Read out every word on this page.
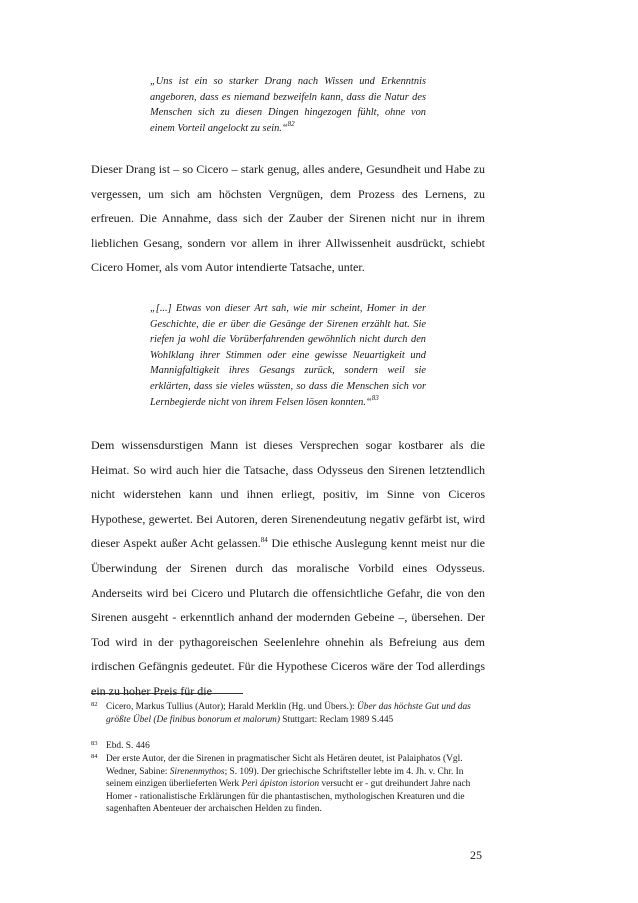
„Uns ist ein so starker Drang nach Wissen und Erkenntnis angeboren, dass es niemand bezweifeln kann, dass die Natur des Menschen sich zu diesen Dingen hingezogen fühlt, ohne von einem Vorteil angelockt zu sein.“$^{82}$

Dieser Drang ist – so Cicero – stark genug, alles andere, Gesundheit und Habe zu vergessen, um sich am höchsten Vergnügen, dem Prozess des Lernens, zu erfreuen. Die Annahme, dass sich der Zauber der Sirenen nicht nur in ihrem lieblichen Gesang, sondern vor allem in ihrer Allwissenheit ausdrückt, schiebt Cicero Homer, als vom Autor intendierte Tatsache, unter.

„[...] Etwas von dieser Art sah, wie mir scheint, Homer in der Geschichte, die er über die Gesänge der Sirenen erzählt hat. Sie riefen ja wohl die Vorüberfahrenden gewöhnlich nicht durch den Wohlklang ihrer Stimmen oder eine gewisse Neuartigkeit und Mannigfaltigkeit ihres Gesangs zurück, sondern weil sie erklärten, dass sie vieles wüssten, so dass die Menschen sich vor Lernbegierde nicht von ihrem Felsen lösen konnten.“$^{83}$

Dem wissensdurstigen Mann ist dieses Versprechen sogar kostbarer als die Heimat. So wird auch hier die Tatsache, dass Odysseus den Sirenen letztendlich nicht widerstehen kann und ihnen erliegt, positiv, im Sinne von Ciceros Hypothese, gewertet. Bei Autoren, deren Sirenendeutung negativ gefärbt ist, wird dieser Aspekt außer Acht gelassen.$^{84}$ Die ethische Auslegung kennt meist nur die Überwindung der Sirenen durch das moralische Vorbild eines Odysseus. Anderseits wird bei Cicero und Plutarch die offensichtliche Gefahr, die von den Sirenen ausgeht - erkenntlich anhand der modernden Gebeine –, übersehen. Der Tod wird in der pythagoreischen Seelenlehre ohnehin als Befreiung aus dem irdischen Gefängnis gedeutet. Für die Hypothese Ciceros wäre der Tod allerdings ein zu hoher Preis für die

82 Cicero, Markus Tullius (Autor); Harald Merklin (Hg. und Übers.): Über das höchste Gut und das größte Übel (De finibus bonorum et malorum) Stuttgart: Reclam 1989 S.445
83 Ebd. S. 446
84 Der erste Autor, der die Sirenen in pragmatischer Sicht als Hetären deutet, ist Palaiphatos (Vgl. Wedner, Sabine: Sirenenmythos; S. 109). Der griechische Schriftsteller lebte im 4. Jh. v. Chr. In seinem einzigen überlieferten Werk Perì ápiston istorion versucht er - gut dreihundert Jahre nach Homer - rationalistische Erklärungen für die phantastischen, mythologischen Kreaturen und die sagenhaften Abenteuer der archaischen Helden zu finden.
25
